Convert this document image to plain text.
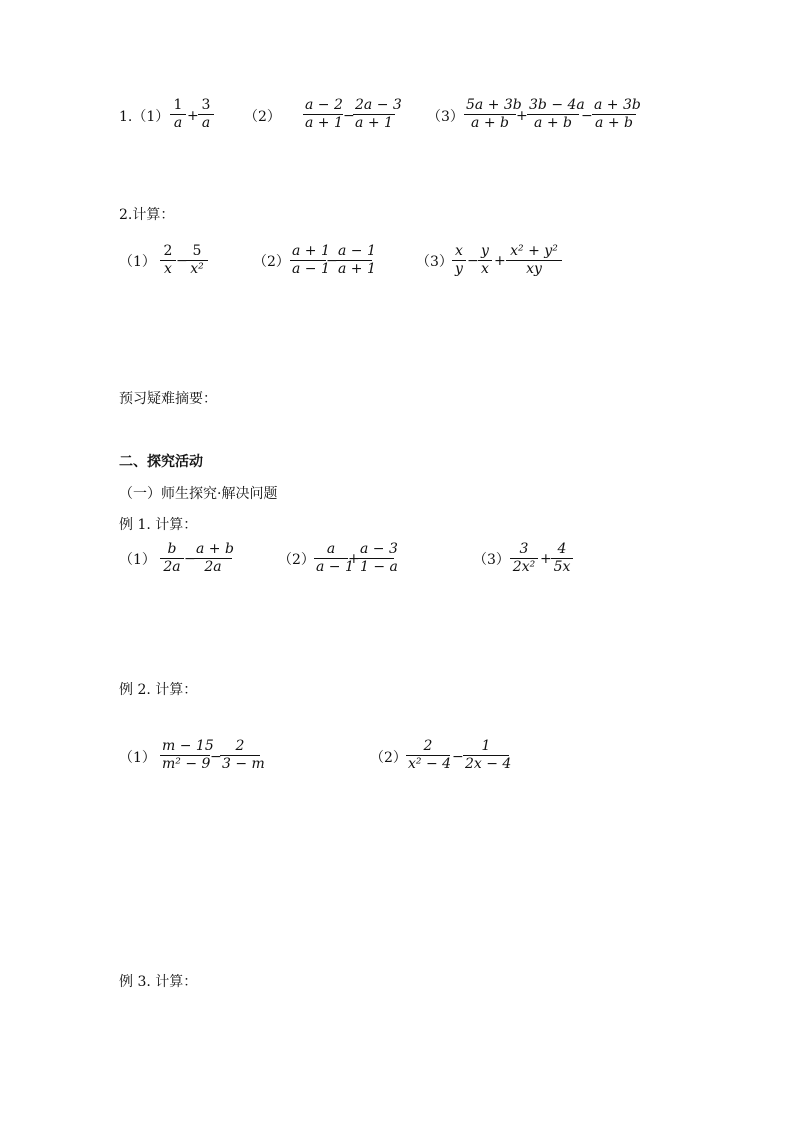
1.（1）
1
a +
3
a （2）
a − 2
a + 1 −
2a − 3
a + 1 （3）
5a + 3b
a + b +
3b − 4a
a + b −
a + 3b
a + b
2.计算：
（1）
2
x −
5
x²	（2）
a + 1
a − 1
−
a − 1
a + 1	（3）
x
y −
y
x +
x² + y²
xy
预习疑难摘要：
二、探究活动
（一）师生探究·解决问题
例 1. 计算：
（1）
b
2a −
a + b
2a	（2）
a
a − 1
+
a − 3
1 − a	（3）
3
2x² +
4
5x
例 2. 计算：
（1）
m − 15
m² − 9 −
2
3 − m	（2）
2
x² − 4 −
1
2x − 4
例 3. 计算：
